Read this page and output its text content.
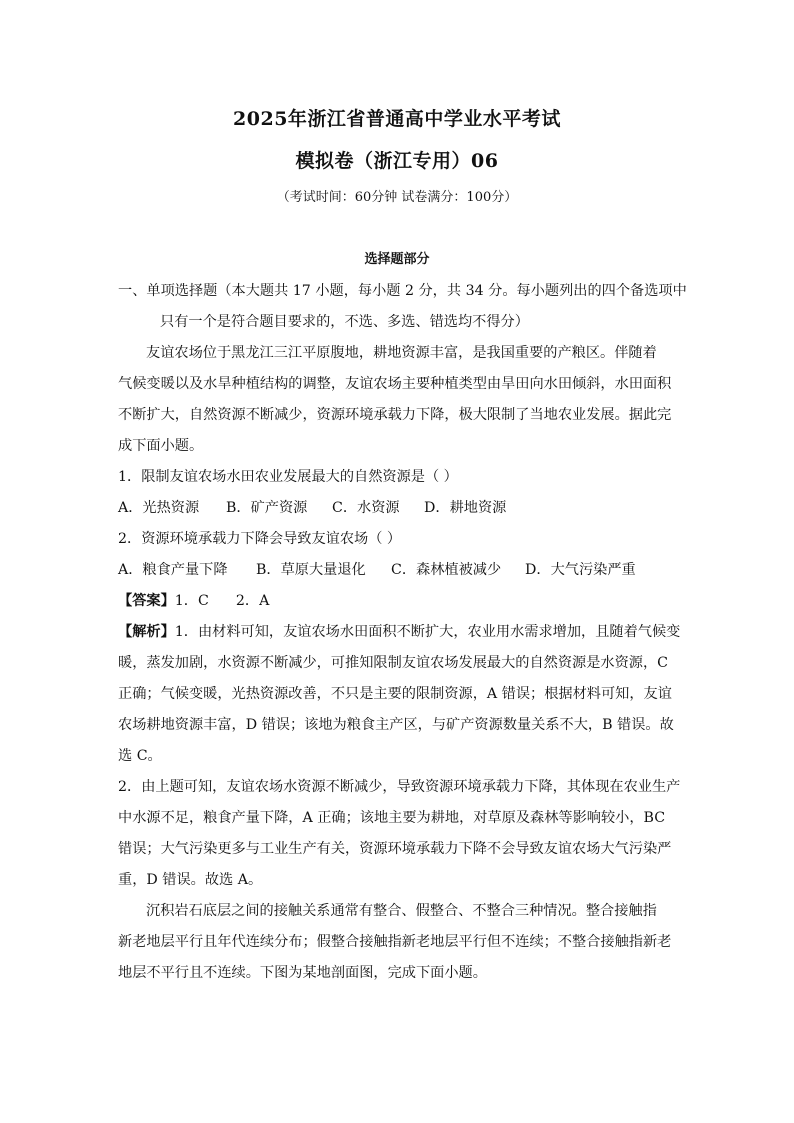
2025年浙江省普通高中学业水平考试
模拟卷（浙江专用）06
（考试时间：60分钟 试卷满分：100分）
选择题部分
一、单项选择题（本大题共 17 小题，每小题 2 分，共 34 分。每小题列出的四个备选项中
只有一个是符合题目要求的，不选、多选、错选均不得分）
友谊农场位于黑龙江三江平原腹地，耕地资源丰富，是我国重要的产粮区。伴随着
气候变暖以及水旱种植结构的调整，友谊农场主要种植类型由旱田向水田倾斜，水田面积
不断扩大，自然资源不断减少，资源环境承载力下降，极大限制了当地农业发展。据此完
成下面小题。
1．限制友谊农场水田农业发展最大的自然资源是（ ）
A．光热资源 B．矿产资源 C．水资源 D．耕地资源
2．资源环境承载力下降会导致友谊农场（ ）
A．粮食产量下降 B．草原大量退化 C．森林植被减少 D．大气污染严重
【答案】1．C      2．A
【解析】1．由材料可知，友谊农场水田面积不断扩大，农业用水需求增加，且随着气候变
暖，蒸发加剧，水资源不断减少，可推知限制友谊农场发展最大的自然资源是水资源，C
正确；气候变暖，光热资源改善，不只是主要的限制资源，A 错误；根据材料可知，友谊
农场耕地资源丰富，D 错误；该地为粮食主产区，与矿产资源数量关系不大，B 错误。故
选 C。
2．由上题可知，友谊农场水资源不断减少，导致资源环境承载力下降，其体现在农业生产
中水源不足，粮食产量下降，A 正确；该地主要为耕地，对草原及森林等影响较小，BC
错误；大气污染更多与工业生产有关，资源环境承载力下降不会导致友谊农场大气污染严
重，D 错误。故选 A。
沉积岩石底层之间的接触关系通常有整合、假整合、不整合三种情况。整合接触指
新老地层平行且年代连续分布；假整合接触指新老地层平行但不连续；不整合接触指新老
地层不平行且不连续。下图为某地剖面图，完成下面小题。
